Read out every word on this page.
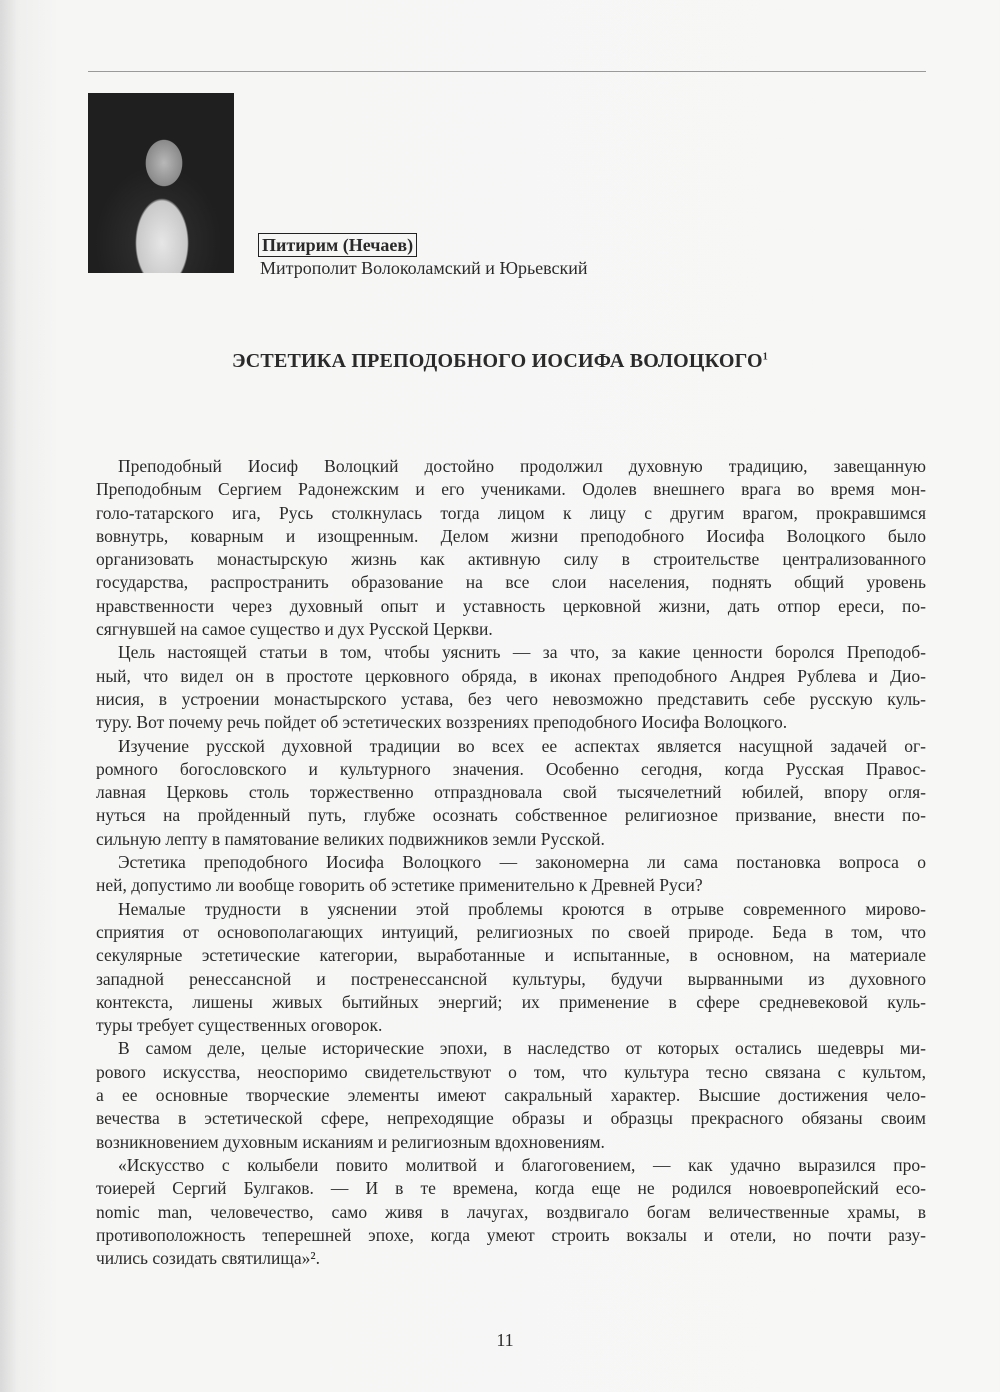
Питирим (Нечаев)
Митрополит Волоколамский и Юрьевский
ЭСТЕТИКА ПРЕПОДОБНОГО ИОСИФА ВОЛОЦКОГО$^1$
Преподобный Иосиф Волоцкий достойно продолжил духовную традицию, завещанную
Преподобным Сергием Радонежским и его учениками. Одолев внешнего врага во время мон-
голо-татарского ига, Русь столкнулась тогда лицом к лицу с другим врагом, прокравшимся
вовнутрь, коварным и изощренным. Делом жизни преподобного Иосифа Волоцкого было
организовать монастырскую жизнь как активную силу в строительстве централизованного
государства, распространить образование на все слои населения, поднять общий уровень
нравственности через духовный опыт и уставность церковной жизни, дать отпор ереси, по-
сягнувшей на самое существо и дух Русской Церкви.
Цель настоящей статьи в том, чтобы уяснить — за что, за какие ценности боролся Преподоб-
ный, что видел он в простоте церковного обряда, в иконах преподобного Андрея Рублева и Дио-
нисия, в устроении монастырского устава, без чего невозможно представить себе русскую куль-
туру. Вот почему речь пойдет об эстетических воззрениях преподобного Иосифа Волоцкого.
Изучение русской духовной традиции во всех ее аспектах является насущной задачей ог-
ромного богословского и культурного значения. Особенно сегодня, когда Русская Правос-
лавная Церковь столь торжественно отпраздновала свой тысячелетний юбилей, впору огля-
нуться на пройденный путь, глубже осознать собственное религиозное призвание, внести по-
сильную лепту в памятование великих подвижников земли Русской.
Эстетика преподобного Иосифа Волоцкого — закономерна ли сама постановка вопроса о
ней, допустимо ли вообще говорить об эстетике применительно к Древней Руси?
Немалые трудности в уяснении этой проблемы кроются в отрыве современного мирово-
сприятия от основополагающих интуиций, религиозных по своей природе. Беда в том, что
секулярные эстетические категории, выработанные и испытанные, в основном, на материале
западной ренессансной и постренессансной культуры, будучи вырванными из духовного
контекста, лишены живых бытийных энергий; их применение в сфере средневековой куль-
туры требует существенных оговорок.
В самом деле, целые исторические эпохи, в наследство от которых остались шедевры ми-
рового искусства, неоспоримо свидетельствуют о том, что культура тесно связана с культом,
а ее основные творческие элементы имеют сакральный характер. Высшие достижения чело-
вечества в эстетической сфере, непреходящие образы и образцы прекрасного обязаны своим
возникновением духовным исканиям и религиозным вдохновениям.
«Искусство с колыбели повито молитвой и благоговением, — как удачно выразился про-
тоиерей Сергий Булгаков. — И в те времена, когда еще не родился новоевропейский eco-
nomic man, человечество, само живя в лачугах, воздвигало богам величественные храмы, в
противоположность теперешней эпохе, когда умеют строить вокзалы и отели, но почти разу-
чились созидать святилища»².
11
